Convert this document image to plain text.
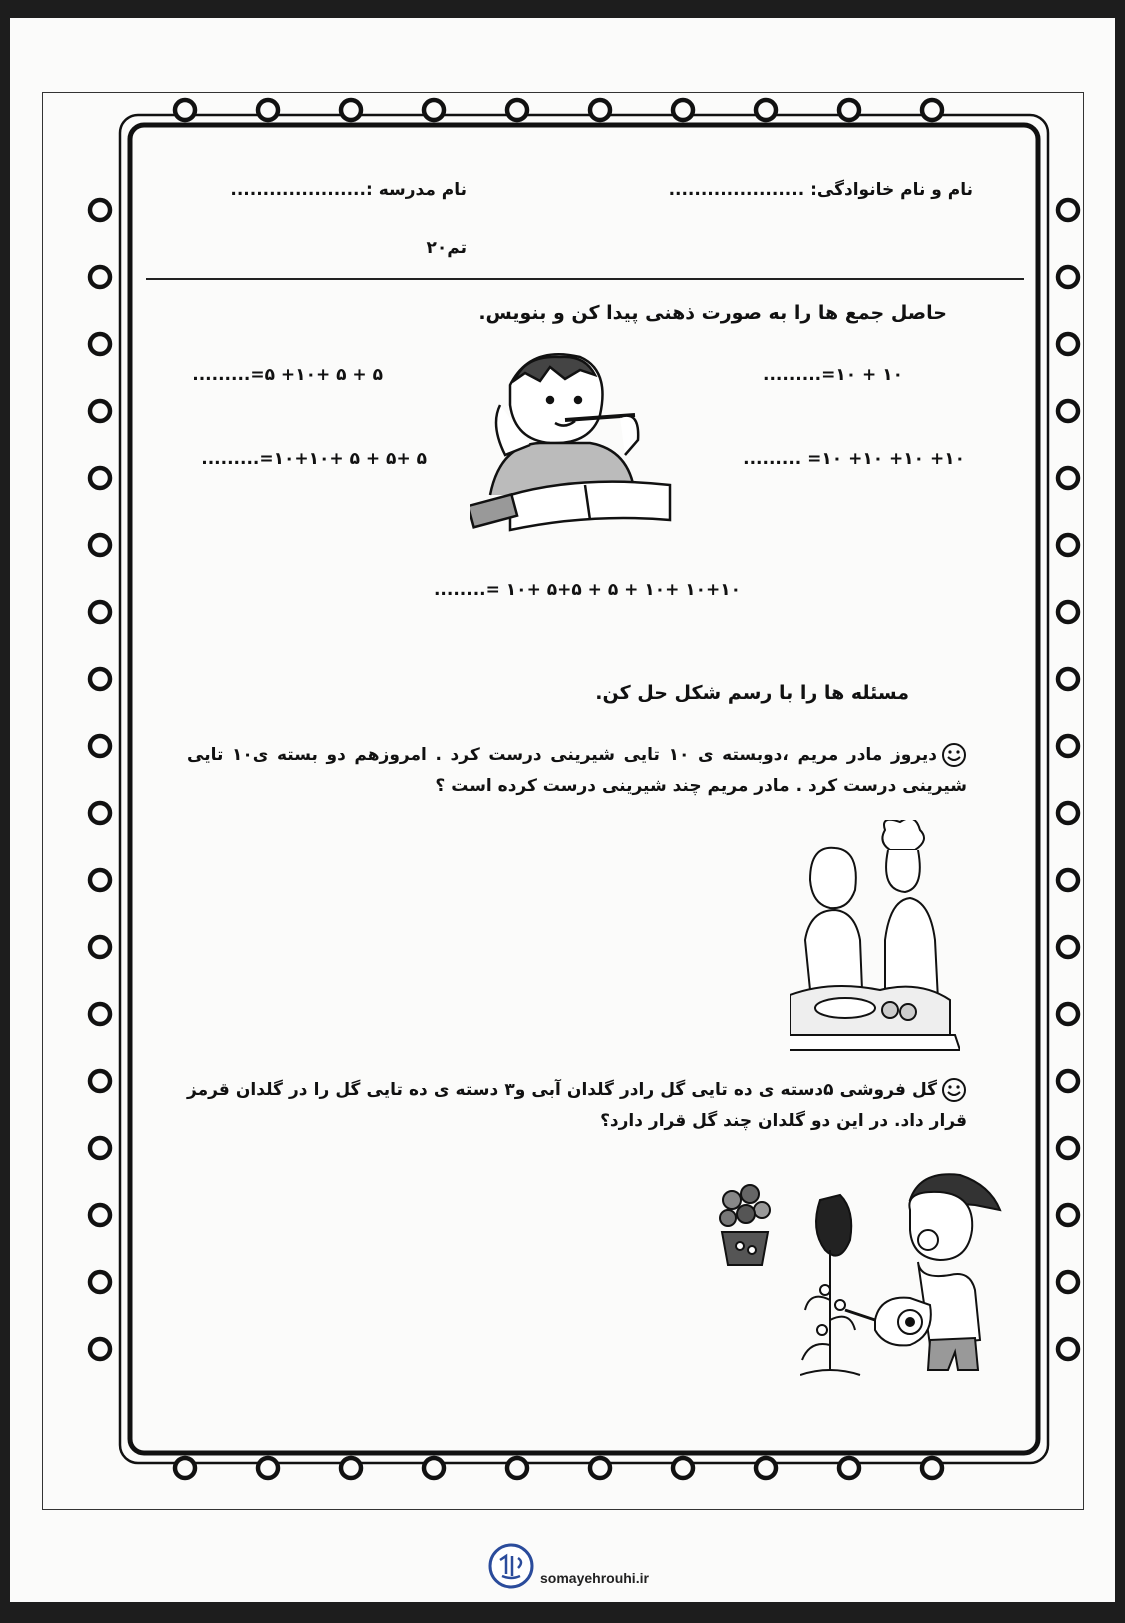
نام و نام خانوادگی: .....................
نام مدرسه :.....................
تم۲۰
حاصل جمع ها را به صورت ذهنی پیدا کن و بنویس.
۱۰ + ۱۰=.........
۵ + ۵ +۱۰+ ۵=.........
۱۰+ ۱۰+ ۱۰+ ۱۰= .........
۵ +۵ + ۵ +۱۰+۱۰=.........
۱۰+۱۰ +۱۰ + ۵ + ۵+۵ +۱۰ =........
مسئله ها را با رسم شکل حل کن.
دیروز مادر مریم ،دوبسته ی ۱۰ تایی شیرینی درست کرد . امروزهم دو بسته ی۱۰ تایی شیرینی درست کرد . مادر مریم چند شیرینی درست کرده است ؟
گل فروشی ۵دسته ی ده تایی گل رادر گلدان آبی و۳ دسته ی ده تایی گل را در گلدان قرمز قرار داد. در این دو گلدان چند گل قرار دارد؟
somayehrouhi.ir
